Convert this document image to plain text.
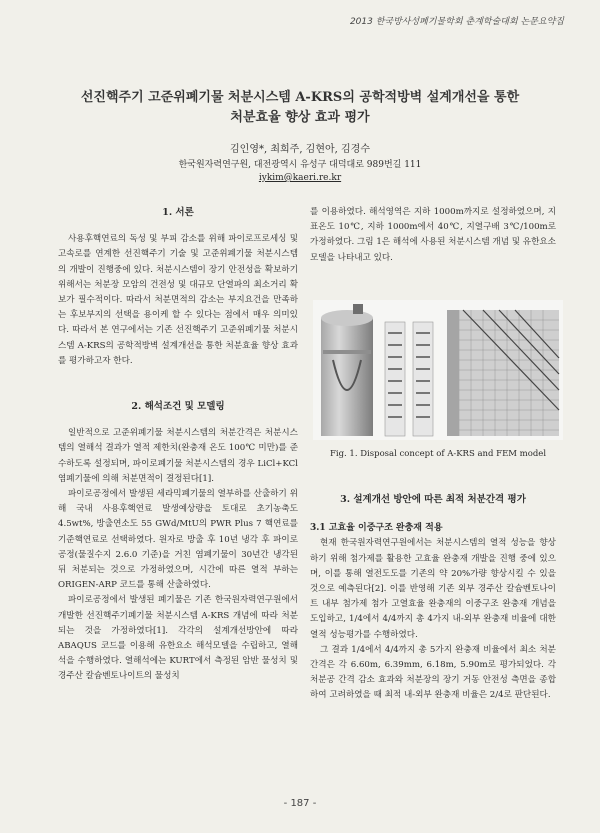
2013 한국방사성폐기물학회 춘계학술대회 논문요약집
선진핵주기 고준위폐기물 처분시스템 A-KRS의 공학적방벽 설계개선을 통한
처분효율 향상 효과 평가
김인영*, 최희주, 김현아, 김경수
한국원자력연구원, 대전광역시 유성구 대덕대로 989번길 111
iykim@kaeri.re.kr
1. 서론

사용후핵연료의 독성 및 부피 감소를 위해 파이로프로세싱 및 고속로를 연계한 선진핵주기 기술 및 고준위폐기물 처분시스템의 개발이 진행중에 있다. 처분시스템이 장기 안전성을 확보하기 위해서는 처분장 모암의 건전성 및 대규모 단열파의 최소거리 확보가 필수적이다. 따라서 처분면적의 감소는 부지요건을 만족하는 후보부지의 선택을 용이케 할 수 있다는 점에서 매우 의미있다. 따라서 본 연구에서는 기존 선진핵주기 고준위폐기물 처분시스템 A-KRS의 공학적방벽 설계개선을 통한 처분효율 향상 효과를 평가하고자 한다.

2. 해석조건 및 모델링

일반적으로 고준위폐기물 처분시스템의 처분간격은 처분시스템의 열해석 결과가 열적 제한치(완충재 온도 100℃ 미만)를 준수하도록 설정되며, 파이로폐기물 처분시스템의 경우 LiCl+KCl 염폐기물에 의해 처분면적이 결정된다[1].

파이로공정에서 발생된 세라믹폐기물의 열부하를 산출하기 위해 국내 사용후핵연료 발생예상량을 토대로 초기농축도 4.5wt%, 방출연소도 55 GWd/MtU의 PWR Plus 7 핵연료를 기준핵연료로 선택하였다. 원자로 방출 후 10년 냉각 후 파이로 공정(물질수지 2.6.0 기준)을 거친 염폐기물이 30년간 냉각된 뒤 처분되는 것으로 가정하였으며, 시간에 따른 열적 부하는 ORIGEN-ARP 코드를 통해 산출하였다.

파이로공정에서 발생된 폐기물은 기존 한국원자력연구원에서 개발한 선진핵주기폐기물 처분시스템 A-KRS 개념에 따라 처분되는 것을 가정하였다[1]. 각각의 설계개선방안에 따라 ABAQUS 코드를 이용해 유한요소 해석모델을 수립하고, 열해석을 수행하였다. 열해석에는 KURT에서 측정된 암반 물성치 및 경주산 칼슘벤토나이트의 물성치

를 이용하였다. 해석영역은 지하 1000m까지로 설정하였으며, 지표온도 10℃, 지하 1000m에서 40℃, 지열구배 3℃/100m로 가정하였다. 그림 1은 해석에 사용된 처분시스템 개념 및 유한요소모델을 나타내고 있다.

Fig. 1. Disposal concept of A-KRS and FEM model
3. 설계개선 방안에 따른 최적 처분간격 평가
3.1 고효율 이중구조 완충재 적용

현재 한국원자력연구원에서는 처분시스템의 열적 성능을 향상하기 위해 첨가제를 활용한 고효율 완충재 개발을 진행 중에 있으며, 이를 통해 열전도도를 기존의 약 20%가량 향상시킬 수 있을 것으로 예측된다[2]. 이를 반영해 기존 외부 경주산 칼슘벤토나이트 내부 첨가제 첨가 고열효율 완충재의 이중구조 완충재 개념을 도입하고, 1/4에서 4/4까지 총 4가지 내-외부 완충재 비율에 대한 열적 성능평가를 수행하였다.

그 결과 1/4에서 4/4까지 총 5가지 완충재 비율에서 최소 처분간격은 각 6.60m, 6.39mm, 6.18m, 5.90m로 평가되었다. 각 처분공 간격 감소 효과와 처분장의 장기 거동 안전성 측면을 종합하여 고려하였을 때 최적 내-외부 완충재 비율은 2/4로 판단된다.

- 187 -
